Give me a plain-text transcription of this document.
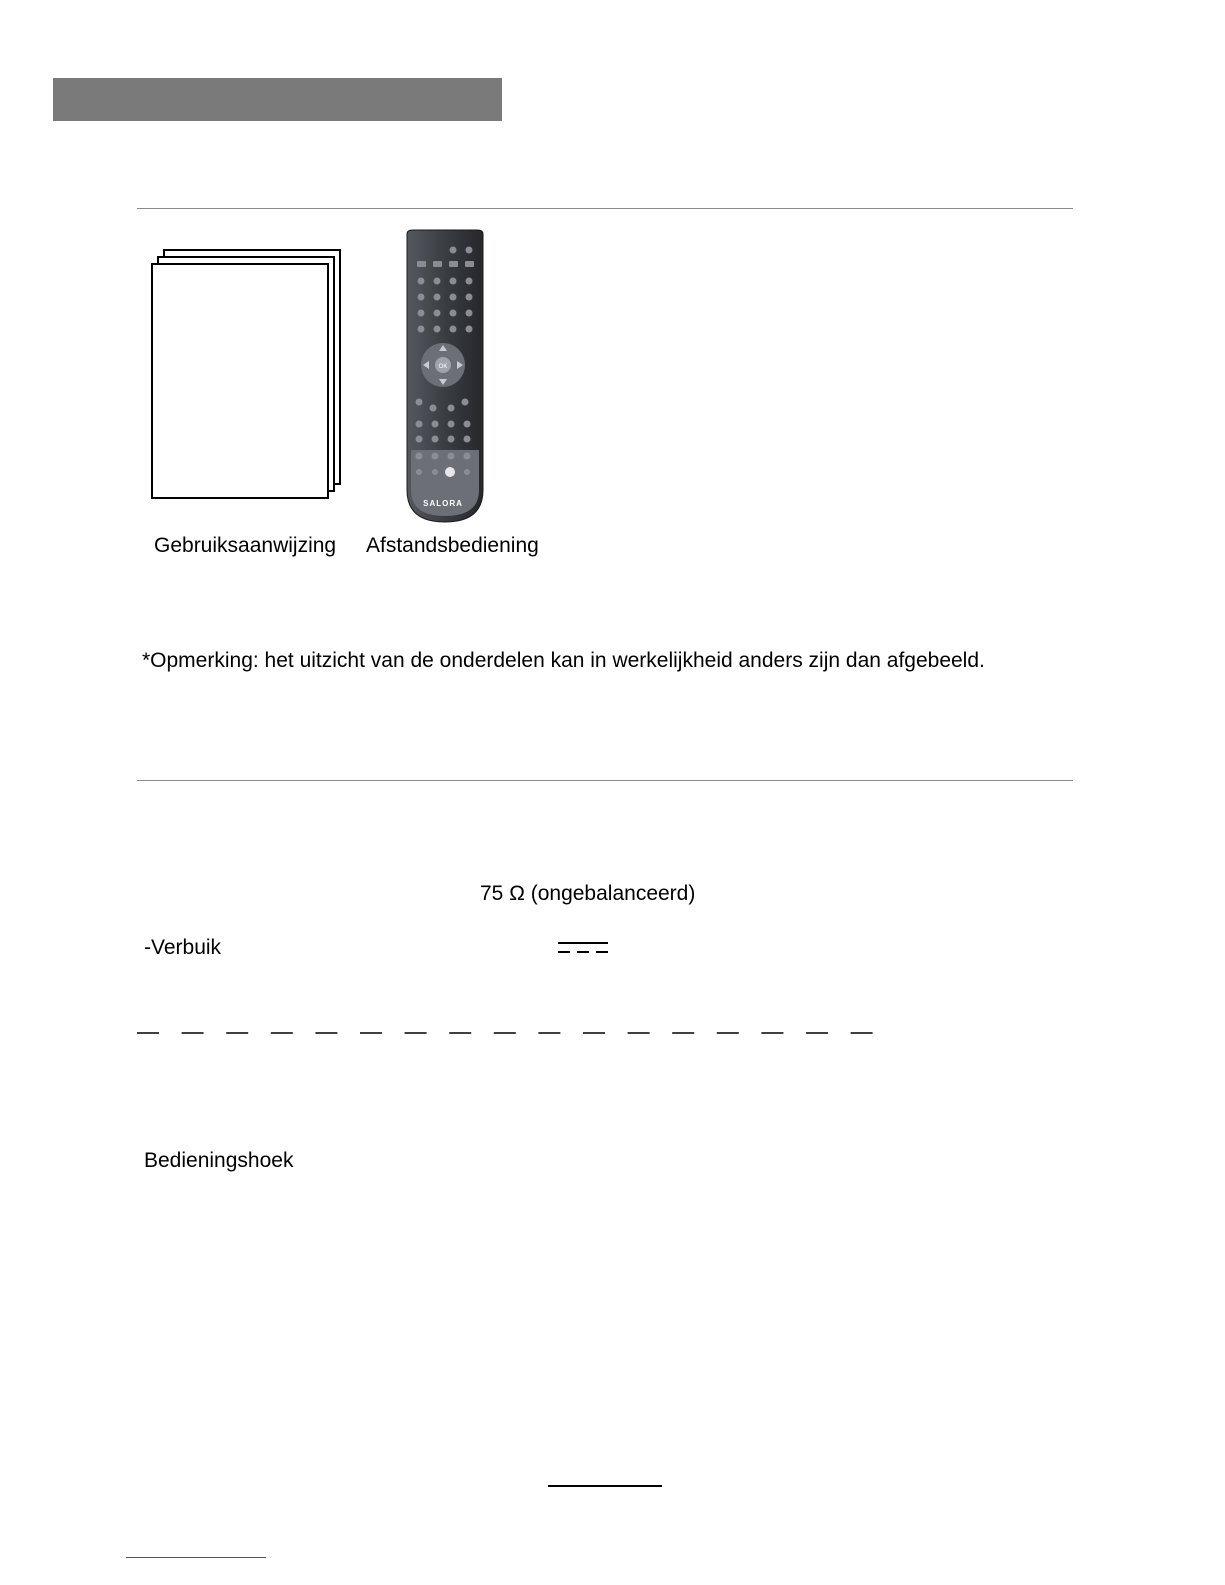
OK
SALORA
Gebruiksaanwijzing Afstandsbediening
*Opmerking: het uitzicht van de onderdelen kan in werkelijkheid anders zijn dan afgebeeld.
75 Ω (ongebalanceerd)
-Verbuik
Bedieningshoek
